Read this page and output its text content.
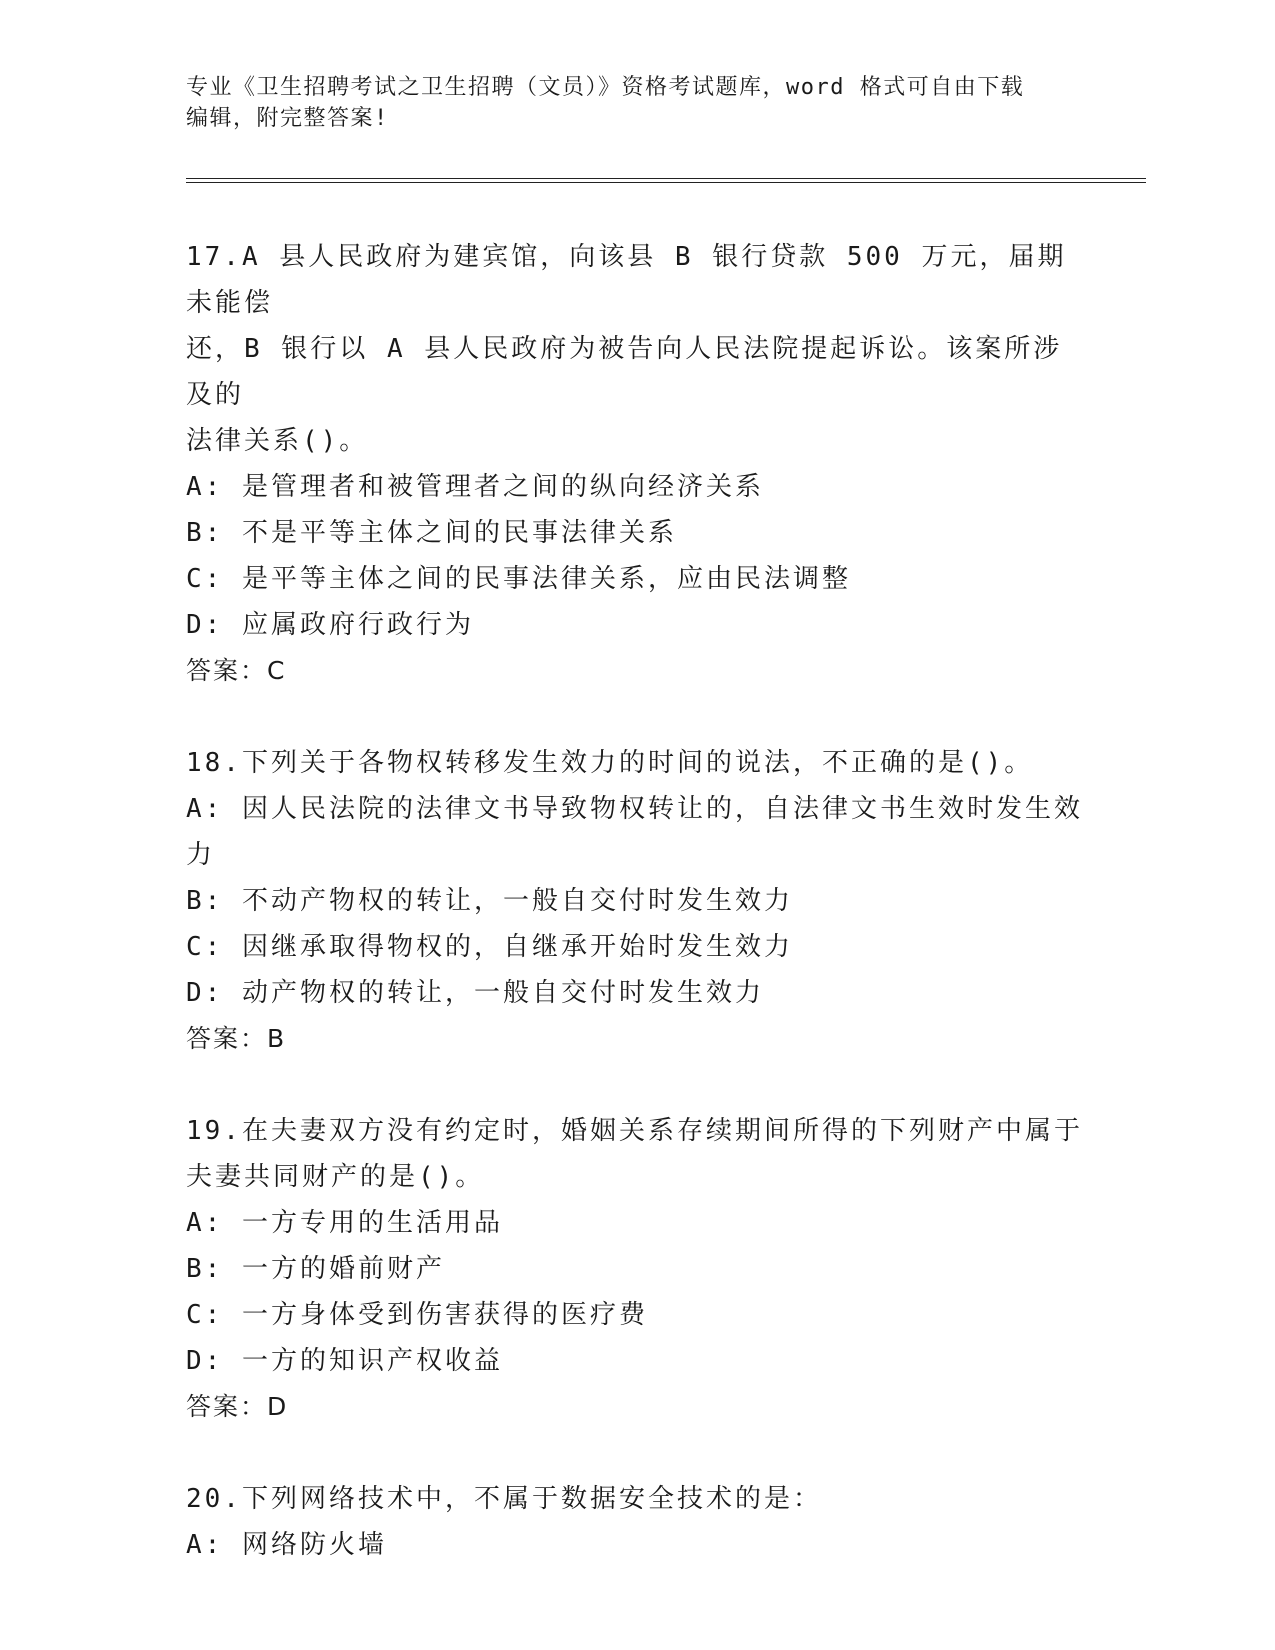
专业《卫生招聘考试之卫生招聘（文员）》资格考试题库，word 格式可自由下载
编辑，附完整答案!
17.A 县人民政府为建宾馆，向该县 B 银行贷款 500 万元，届期未能偿
还，B 银行以 A 县人民政府为被告向人民法院提起诉讼。该案所涉及的
法律关系()。
A: 是管理者和被管理者之间的纵向经济关系
B: 不是平等主体之间的民事法律关系
C: 是平等主体之间的民事法律关系，应由民法调整
D: 应属政府行政行为
答案：C
18.下列关于各物权转移发生效力的时间的说法，不正确的是()。
A: 因人民法院的法律文书导致物权转让的，自法律文书生效时发生效
力
B: 不动产物权的转让，一般自交付时发生效力
C: 因继承取得物权的，自继承开始时发生效力
D: 动产物权的转让，一般自交付时发生效力
答案：B
19.在夫妻双方没有约定时，婚姻关系存续期间所得的下列财产中属于
夫妻共同财产的是()。
A: 一方专用的生活用品
B: 一方的婚前财产
C: 一方身体受到伤害获得的医疗费
D: 一方的知识产权收益
答案：D
20.下列网络技术中，不属于数据安全技术的是：
A: 网络防火墙
